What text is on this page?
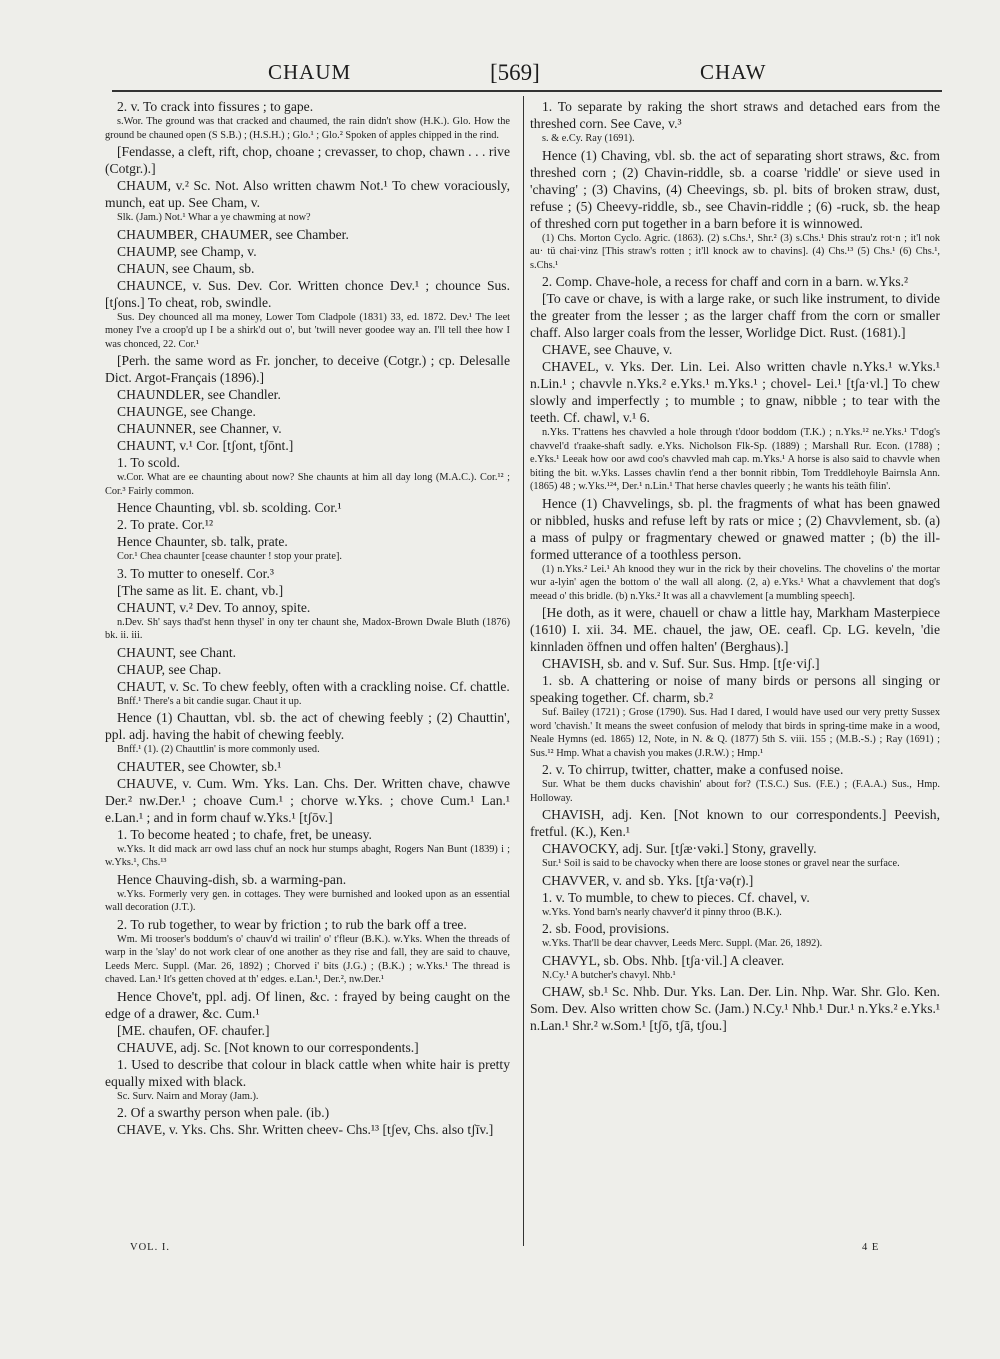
CHAUM	[569]	CHAW

2. v. To crack into fissures ; to gape.

s.Wor. The ground was that cracked and chaumed, the rain didn't show (H.K.). Glo. How the ground be chauned open (S S.B.) ; (H.S.H.) ; Glo.¹ ; Glo.² Spoken of apples chipped in the rind.

[Fendasse, a cleft, rift, chop, choane ; crevasser, to chop, chawn . . . rive (Cotgr.).]

CHAUM, v.² Sc. Not. Also written chawm Not.¹ To chew voraciously, munch, eat up. See Cham, v.

Slk. (Jam.) Not.¹ Whar a ye chawming at now?

CHAUMBER, CHAUMER, see Chamber.

CHAUMP, see Champ, v.

CHAUN, see Chaum, sb.

CHAUNCE, v. Sus. Dev. Cor. Written chonce Dev.¹ ; chounce Sus. [tʃons.] To cheat, rob, swindle.

Sus. Dey chounced all ma money, Lower Tom Cladpole (1831) 33, ed. 1872. Dev.¹ The leet money I've a croop'd up I be a shirk'd out o', but 'twill never goodee way an. I'll tell thee how I was chonced, 22. Cor.¹

[Perh. the same word as Fr. joncher, to deceive (Cotgr.) ; cp. Delesalle Dict. Argot-Français (1896).]

CHAUNDLER, see Chandler.

CHAUNGE, see Change.

CHAUNNER, see Channer, v.

CHAUNT, v.¹ Cor. [tʃont, tʃōnt.]

1. To scold.

w.Cor. What are ee chaunting about now? She chaunts at him all day long (M.A.C.). Cor.¹² ; Cor.³ Fairly common.

Hence Chaunting, vbl. sb. scolding. Cor.¹

2. To prate. Cor.¹²

Hence Chaunter, sb. talk, prate.

Cor.¹ Chea chaunter [cease chaunter ! stop your prate].

3. To mutter to oneself. Cor.³

[The same as lit. E. chant, vb.]

CHAUNT, v.² Dev. To annoy, spite.

n.Dev. Sh' says thad'st henn thysel' in ony ter chaunt she, Madox-Brown Dwale Bluth (1876) bk. ii. iii.

CHAUNT, see Chant.

CHAUP, see Chap.

CHAUT, v. Sc. To chew feebly, often with a crackling noise. Cf. chattle.

Bnff.¹ There's a bit candie sugar. Chaut it up.

Hence (1) Chauttan, vbl. sb. the act of chewing feebly ; (2) Chauttin', ppl. adj. having the habit of chewing feebly.

Bnff.¹ (1). (2) Chauttlin' is more commonly used.

CHAUTER, see Chowter, sb.¹

CHAUVE, v. Cum. Wm. Yks. Lan. Chs. Der. Written chave, chawve Der.² nw.Der.¹ ; choave Cum.¹ ; chorve w.Yks. ; chove Cum.¹ Lan.¹ e.Lan.¹ ; and in form chauf w.Yks.¹ [tʃōv.]

1. To become heated ; to chafe, fret, be uneasy.

w.Yks. It did mack arr owd lass chuf an nock hur stumps abaght, Rogers Nan Bunt (1839) i ; w.Yks.¹, Chs.¹³

Hence Chauving-dish, sb. a warming-pan.

w.Yks. Formerly very gen. in cottages. They were burnished and looked upon as an essential wall decoration (J.T.).

2. To rub together, to wear by friction ; to rub the bark off a tree.

Wm. Mi trooser's boddum's o' chauv'd wi trailin' o' t'fleur (B.K.). w.Yks. When the threads of warp in the 'slay' do not work clear of one another as they rise and fall, they are said to chauve, Leeds Merc. Suppl. (Mar. 26, 1892) ; Chorved i' bits (J.G.) ; (B.K.) ; w.Yks.¹ The thread is chaved. Lan.¹ It's getten choved at th' edges. e.Lan.¹, Der.², nw.Der.¹

Hence Chove't, ppl. adj. Of linen, &c. : frayed by being caught on the edge of a drawer, &c. Cum.¹

[ME. chaufen, OF. chaufer.]

CHAUVE, adj. Sc. [Not known to our correspondents.]

1. Used to describe that colour in black cattle when white hair is pretty equally mixed with black.

Sc. Surv. Nairn and Moray (Jam.).

2. Of a swarthy person when pale. (ib.)

CHAVE, v. Yks. Chs. Shr. Written cheev- Chs.¹³ [tʃev, Chs. also tʃīv.]

1. To separate by raking the short straws and detached ears from the threshed corn. See Cave, v.³

s. & e.Cy. Ray (1691).

Hence (1) Chaving, vbl. sb. the act of separating short straws, &c. from threshed corn ; (2) Chavin-riddle, sb. a coarse 'riddle' or sieve used in 'chaving' ; (3) Chavins, (4) Cheevings, sb. pl. bits of broken straw, dust, refuse ; (5) Cheevy-riddle, sb., see Chavin-riddle ; (6) -ruck, sb. the heap of threshed corn put together in a barn before it is winnowed.

(1) Chs. Morton Cyclo. Agric. (1863). (2) s.Chs.¹, Shr.² (3) s.Chs.¹ Dhis strau'z rot·n ; it'l nok au· tü chai·vinz [This straw's rotten ; it'll knock aw to chavins]. (4) Chs.¹³ (5) Chs.¹ (6) Chs.¹, s.Chs.¹

2. Comp. Chave-hole, a recess for chaff and corn in a barn. w.Yks.²

[To cave or chave, is with a large rake, or such like instrument, to divide the greater from the lesser ; as the larger chaff from the corn or smaller chaff. Also larger coals from the lesser, Worlidge Dict. Rust. (1681).]

CHAVE, see Chauve, v.

CHAVEL, v. Yks. Der. Lin. Lei. Also written chavle n.Yks.¹ w.Yks.¹ n.Lin.¹ ; chavvle n.Yks.² e.Yks.¹ m.Yks.¹ ; chovel- Lei.¹ [tʃa·vl.] To chew slowly and imperfectly ; to mumble ; to gnaw, nibble ; to tear with the teeth. Cf. chawl, v.¹ 6.

n.Yks. T'rattens hes chavvled a hole through t'door boddom (T.K.) ; n.Yks.¹² ne.Yks.¹ T'dog's chavvel'd t'raake-shaft sadly. e.Yks. Nicholson Flk-Sp. (1889) ; Marshall Rur. Econ. (1788) ; e.Yks.¹ Leeak how oor awd coo's chavvled mah cap. m.Yks.¹ A horse is also said to chavvle when biting the bit. w.Yks. Lasses chavlin t'end a ther bonnit ribbin, Tom Treddlehoyle Bairnsla Ann. (1865) 48 ; w.Yks.¹²⁴, Der.¹ n.Lin.¹ That herse chavles queerly ; he wants his teäth filin'.

Hence (1) Chavvelings, sb. pl. the fragments of what has been gnawed or nibbled, husks and refuse left by rats or mice ; (2) Chavvlement, sb. (a) a mass of pulpy or fragmentary chewed or gnawed matter ; (b) the ill-formed utterance of a toothless person.

(1) n.Yks.² Lei.¹ Ah knood they wur in the rick by their chovelins. The chovelins o' the mortar wur a-lyin' agen the bottom o' the wall all along. (2, a) e.Yks.¹ What a chavvlement that dog's meead o' this bridle. (b) n.Yks.² It was all a chavvlement [a mumbling speech].

[He doth, as it were, chauell or chaw a little hay, Markham Masterpiece (1610) I. xii. 34. ME. chauel, the jaw, OE. ceafl. Cp. LG. keveln, 'die kinnladen öffnen und offen halten' (Berghaus).]

CHAVISH, sb. and v. Suf. Sur. Sus. Hmp. [tʃe·viʃ.]

1. sb. A chattering or noise of many birds or persons all singing or speaking together. Cf. charm, sb.²

Suf. Bailey (1721) ; Grose (1790). Sus. Had I dared, I would have used our very pretty Sussex word 'chavish.' It means the sweet confusion of melody that birds in spring-time make in a wood, Neale Hymns (ed. 1865) 12, Note, in N. & Q. (1877) 5th S. viii. 155 ; (M.B.-S.) ; Ray (1691) ; Sus.¹² Hmp. What a chavish you makes (J.R.W.) ; Hmp.¹

2. v. To chirrup, twitter, chatter, make a confused noise.

Sur. What be them ducks chavishin' about for? (T.S.C.) Sus. (F.E.) ; (F.A.A.) Sus., Hmp. Holloway.

CHAVISH, adj. Ken. [Not known to our correspondents.] Peevish, fretful. (K.), Ken.¹

CHAVOCKY, adj. Sur. [tʃæ·vəki.] Stony, gravelly.

Sur.¹ Soil is said to be chavocky when there are loose stones or gravel near the surface.

CHAVVER, v. and sb. Yks. [tʃa·və(r).]

1. v. To mumble, to chew to pieces. Cf. chavel, v.

w.Yks. Yond barn's nearly chavver'd it pinny throo (B.K.).

2. sb. Food, provisions.

w.Yks. That'll be dear chavver, Leeds Merc. Suppl. (Mar. 26, 1892).

CHAVYL, sb. Obs. Nhb. [tʃa·vil.] A cleaver.

N.Cy.¹ A butcher's chavyl. Nhb.¹

CHAW, sb.¹ Sc. Nhb. Dur. Yks. Lan. Der. Lin. Nhp. War. Shr. Glo. Ken. Som. Dev. Also written chow Sc. (Jam.) N.Cy.¹ Nhb.¹ Dur.¹ n.Yks.² e.Yks.¹ n.Lan.¹ Shr.² w.Som.¹ [tʃō, tʃā, tʃou.]

VOL. I.	4 E
